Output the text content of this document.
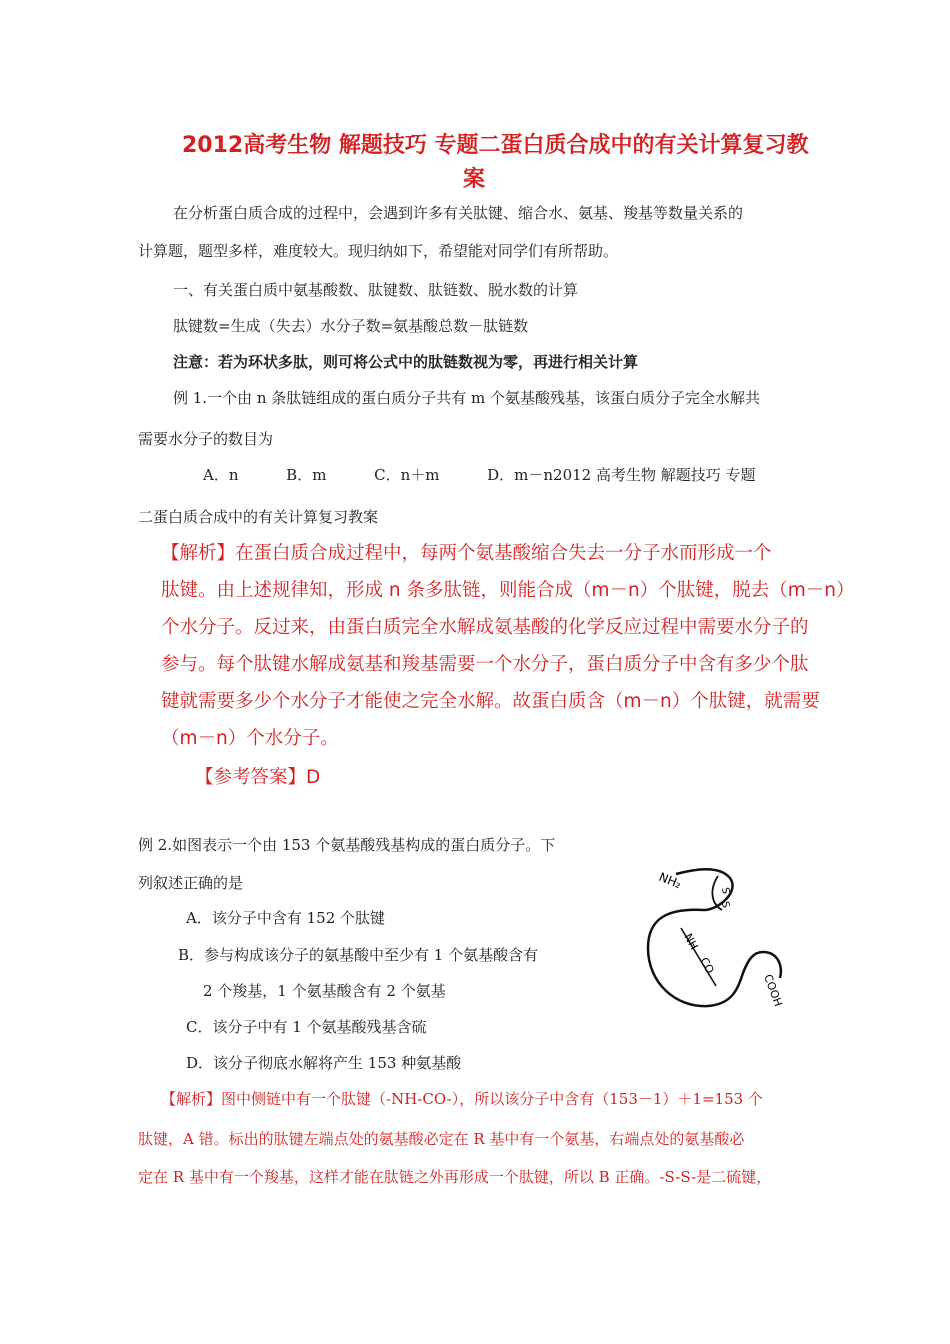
2012高考生物 解题技巧 专题二蛋白质合成中的有关计算复习教
案
在分析蛋白质合成的过程中，会遇到许多有关肽键、缩合水、氨基、羧基等数量关系的
计算题，题型多样，难度较大。现归纳如下，希望能对同学们有所帮助。
一、有关蛋白质中氨基酸数、肽键数、肽链数、脱水数的计算
肽键数=生成（失去）水分子数=氨基酸总数－肽链数
注意：若为环状多肽，则可将公式中的肽链数视为零，再进行相关计算
例 1.一个由 n 条肽链组成的蛋白质分子共有 m 个氨基酸残基，该蛋白质分子完全水解共
需要水分子的数目为
A．n          B．m          C．n＋m          D．m－n2012 高考生物 解题技巧 专题
二蛋白质合成中的有关计算复习教案
【解析】在蛋白质合成过程中，每两个氨基酸缩合失去一分子水而形成一个
肽键。由上述规律知，形成 n 条多肽链，则能合成（m－n）个肽键，脱去（m－n）
个水分子。反过来，由蛋白质完全水解成氨基酸的化学反应过程中需要水分子的
参与。每个肽键水解成氨基和羧基需要一个水分子，蛋白质分子中含有多少个肽
键就需要多少个水分子才能使之完全水解。故蛋白质含（m－n）个肽键，就需要
（m－n）个水分子。
【参考答案】D
例 2.如图表示一个由 153 个氨基酸残基构成的蛋白质分子。下
列叙述正确的是
A．该分子中含有 152 个肽键
B．参与构成该分子的氨基酸中至少有 1 个氨基酸含有
2 个羧基，1 个氨基酸含有 2 个氨基
C．该分子中有 1 个氨基酸残基含硫
D．该分子彻底水解将产生 153 种氨基酸
【解析】图中侧链中有一个肽键（-NH-CO-），所以该分子中含有（153－1）＋1=153 个
肽键，A 错。标出的肽键左端点处的氨基酸必定在 R 基中有一个氨基，右端点处的氨基酸必
定在 R 基中有一个羧基，这样才能在肽链之外再形成一个肽键，所以 B 正确。-S-S-是二硫键，
NH₂	S
S
NH
CO
COOH
